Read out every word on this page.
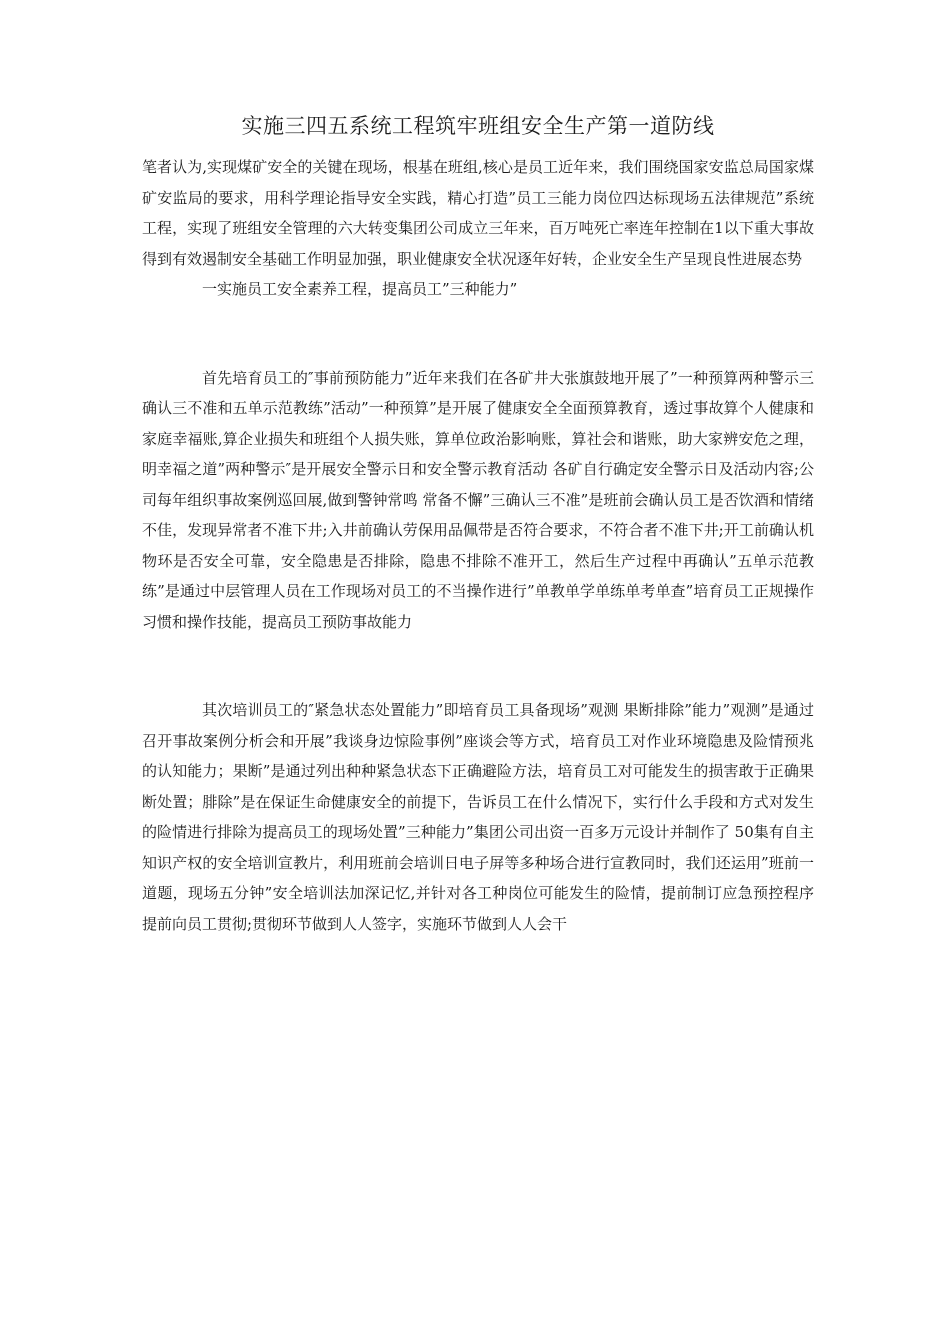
实施三四五系统工程筑牢班组安全生产第一道防线

笔者认为,实现煤矿安全的关键在现场，根基在班组,核心是员工近年来，我们围绕国家安监总局国家煤矿安监局的要求，用科学理论指导安全实践，精心打造”员工三能力岗位四达标现场五法律规范”系统工程，实现了班组安全管理的六大转变集团公司成立三年来，百万吨死亡率连年控制在1以下重大事故得到有效遏制安全基础工作明显加强，职业健康安全状况逐年好转，企业安全生产呈现良性进展态势

一实施员工安全素养工程，提高员工”三种能力”

首先培育员工的″事前预防能力”近年来我们在各矿井大张旗鼓地开展了”一种预算两种警示三确认三不准和五单示范教练”活动”一种预算”是开展了健康安全全面预算教育，透过事故算个人健康和家庭幸福账,算企业损失和班组个人损失账，算单位政治影响账，算社会和谐账，助大家辨安危之理，明幸福之道”两种警示″是开展安全警示日和安全警示教育活动 各矿自行确定安全警示日及活动内容;公司每年组织事故案例巡回展,做到警钟常鸣 常备不懈”三确认三不准”是班前会确认员工是否饮酒和情绪不佳，发现异常者不准下井;入井前确认劳保用品佩带是否符合要求，不符合者不准下井;开工前确认机物环是否安全可靠，安全隐患是否排除，隐患不排除不准开工，然后生产过程中再确认”五单示范教练”是通过中层管理人员在工作现场对员工的不当操作进行”单教单学单练单考单查”培育员工正规操作习惯和操作技能，提高员工预防事故能力

其次培训员工的″紧急状态处置能力”即培育员工具备现场”观测 果断排除”能力”观测”是通过召开事故案例分析会和开展”我谈身边惊险事例”座谈会等方式，培育员工对作业环境隐患及险情预兆的认知能力；果断”是通过列出种种紧急状态下正确避险方法，培育员工对可能发生的损害敢于正确果断处置；腓除”是在保证生命健康安全的前提下，告诉员工在什么情况下，实行什么手段和方式对发生的险情进行排除为提高员工的现场处置”三种能力”集团公司出资一百多万元设计并制作了 50集有自主知识产权的安全培训宣教片，利用班前会培训日电子屏等多种场合进行宣教同时，我们还运用”班前一道题，现场五分钟”安全培训法加深记忆,并针对各工种岗位可能发生的险情，提前制订应急预控程序提前向员工贯彻;贯彻环节做到人人签字，实施环节做到人人会干
